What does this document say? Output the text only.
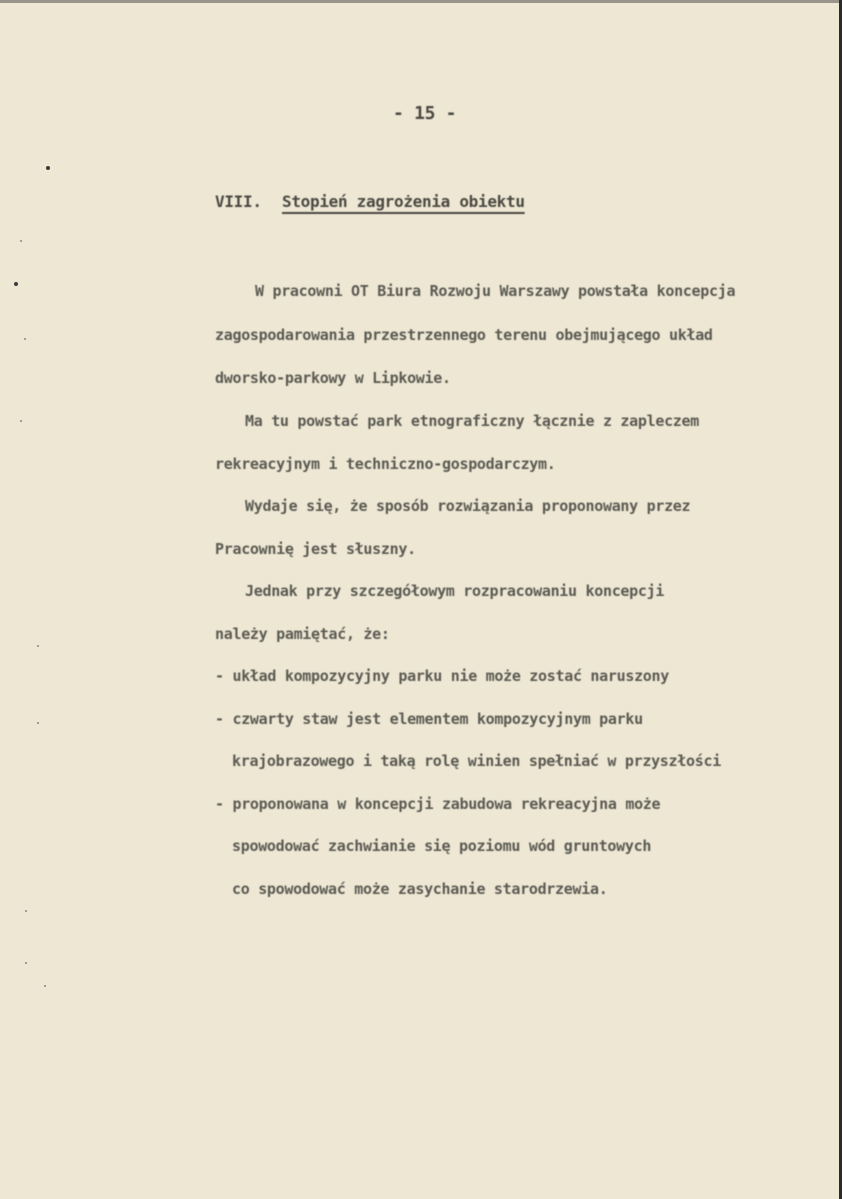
- 15 -
VIII. Stopień zagrożenia obiektu
W pracowni OT Biura Rozwoju Warszawy powstała koncepcja
zagospodarowania przestrzennego terenu obejmującego układ
dworsko-parkowy w Lipkowie.
Ma tu powstać park etnograficzny łącznie z zapleczem
rekreacyjnym i techniczno-gospodarczym.
Wydaje się, że sposób rozwiązania proponowany przez
Pracownię jest słuszny.
Jednak przy szczegółowym rozpracowaniu koncepcji
należy pamiętać, że:
- układ kompozycyjny parku nie może zostać naruszony
- czwarty staw jest elementem kompozycyjnym parku
krajobrazowego i taką rolę winien spełniać w przyszłości
- proponowana w koncepcji zabudowa rekreacyjna może
spowodować zachwianie się poziomu wód gruntowych
co spowodować może zasychanie starodrzewia.
